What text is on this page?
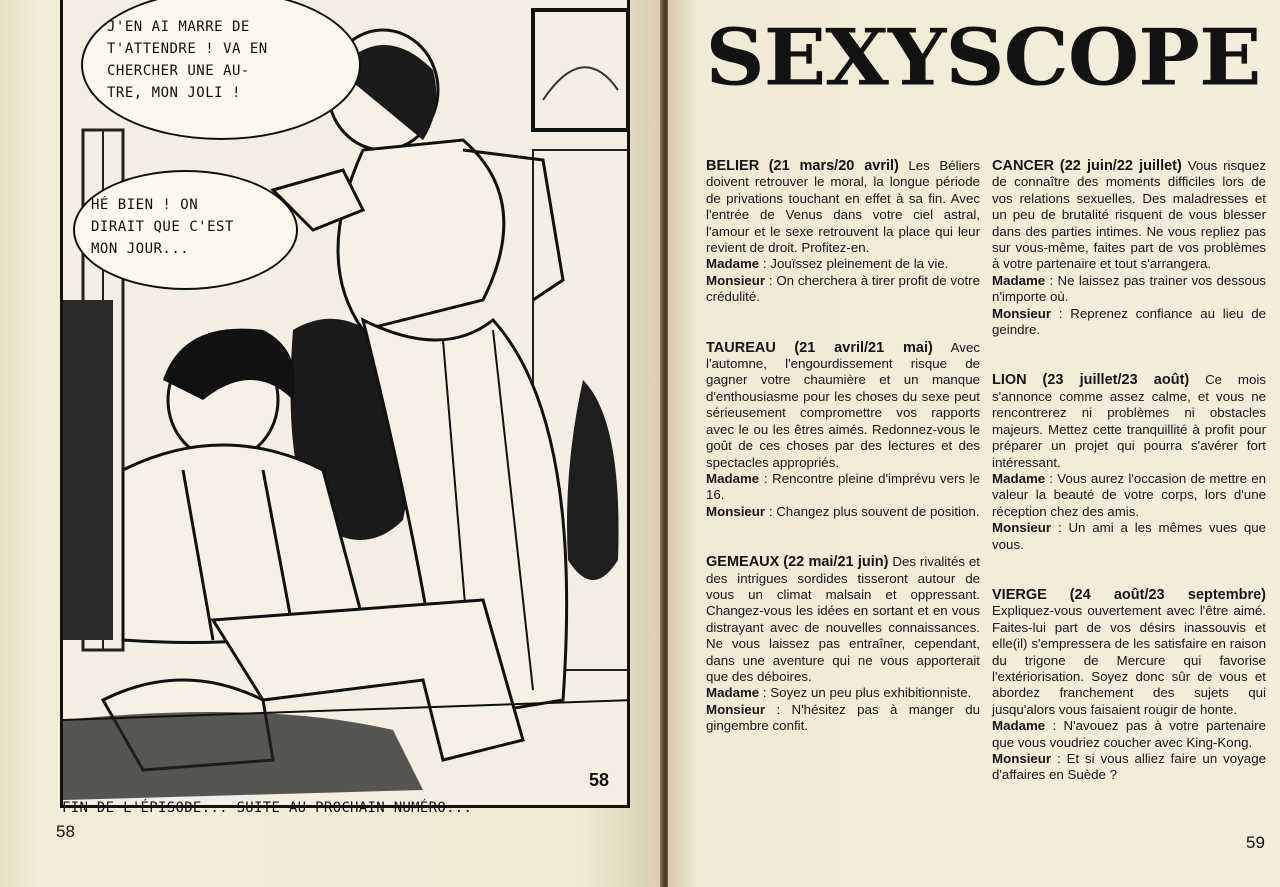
J'EN AI MARRE DE
T'ATTENDRE ! VA EN
CHERCHER UNE AU-
TRE, MON JOLI !
HÉ BIEN ! ON
DIRAIT QUE C'EST
MON JOUR...
58
FIN DE L'ÉPISODE... SUITE AU PROCHAIN NUMÉRO...
58
SEXYSCOPE
BELIER (21 mars/20 avril) Les Béliers doivent retrouver le moral, la longue période de privations touchant en effet à sa fin. Avec l'entrée de Venus dans votre ciel astral, l'amour et le sexe retrouvent la place qui leur revient de droit. Profitez-en.
Madame : Jouïssez pleinement de la vie.
Monsieur : On cherchera à tirer profit de votre crédulité.
TAUREAU (21 avril/21 mai) Avec l'automne, l'engourdissement risque de gagner votre chaumière et un manque d'enthousiasme pour les choses du sexe peut sérieusement compromettre vos rapports avec le ou les êtres aimés. Redonnez-vous le goût de ces choses par des lectures et des spectacles appropriés.
Madame : Rencontre pleine d'imprévu vers le 16.
Monsieur : Changez plus souvent de position.
GEMEAUX (22 mai/21 juin) Des rivalités et des intrigues sordides tisseront autour de vous un climat malsain et oppressant. Changez-vous les idées en sortant et en vous distrayant avec de nouvelles connaissances. Ne vous laissez pas entraîner, cependant, dans une aventure qui ne vous apporterait que des déboires.
Madame : Soyez un peu plus exhibitionniste.
Monsieur : N'hésitez pas à manger du gingembre confit.
CANCER (22 juin/22 juillet) Vous risquez de connaître des moments difficiles lors de vos relations sexuelles. Des maladresses et un peu de brutalité risquent de vous blesser dans des parties intimes. Ne vous repliez pas sur vous-même, faites part de vos problèmes à votre partenaire et tout s'arrangera.
Madame : Ne laissez pas trainer vos dessous n'importe où.
Monsieur : Reprenez confiance au lieu de geindre.
LION (23 juillet/23 août) Ce mois s'annonce comme assez calme, et vous ne rencontrerez ni problèmes ni obstacles majeurs. Mettez cette tranquillité à profit pour préparer un projet qui pourra s'avérer fort intéressant.
Madame : Vous aurez l'occasion de mettre en valeur la beauté de votre corps, lors d'une réception chez des amis.
Monsieur : Un ami a les mêmes vues que vous.
VIERGE (24 août/23 septembre) Expliquez-vous ouvertement avec l'être aimé. Faites-lui part de vos désirs inassouvis et elle(il) s'empressera de les satisfaire en raison du trigone de Mercure qui favorise l'extériorisation. Soyez donc sûr de vous et abordez franchement des sujets qui jusqu'alors vous faisaient rougir de honte.
Madame : N'avouez pas à votre partenaire que vous voudriez coucher avec King-Kong.
Monsieur : Et si vous alliez faire un voyage d'affaires en Suède ?
59
